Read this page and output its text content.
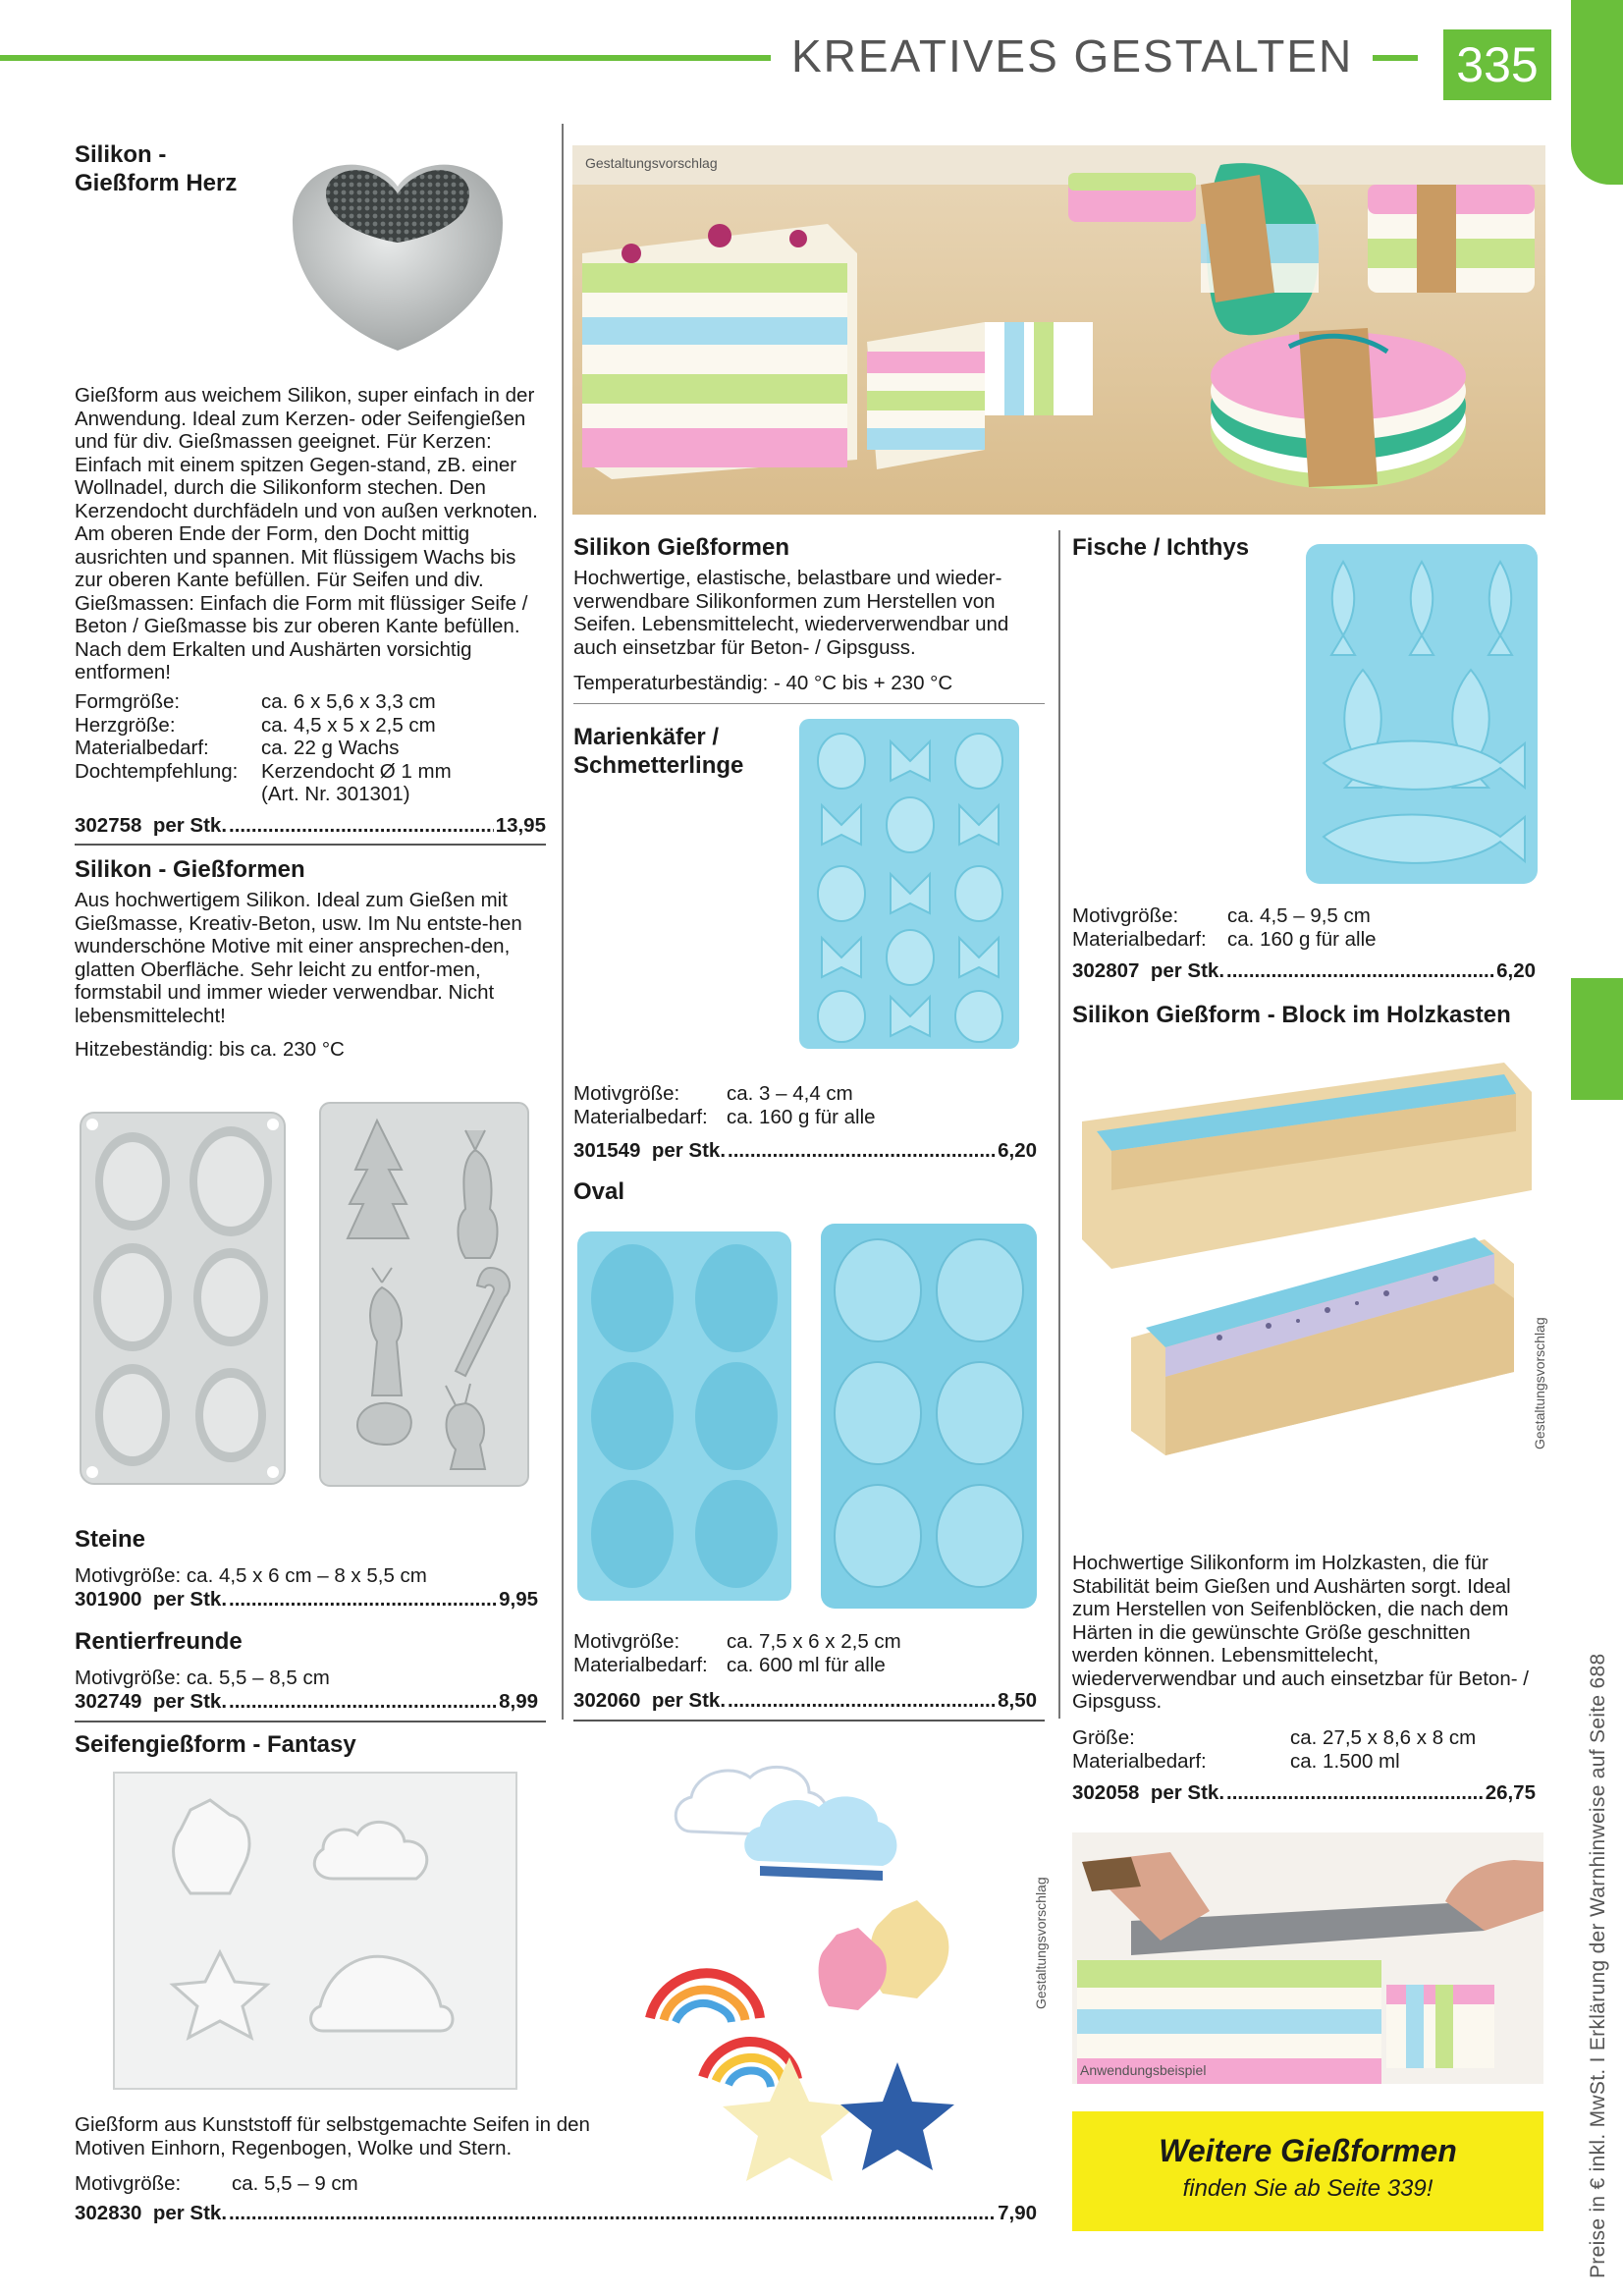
KREATIVES GESTALTEN 335
Preise in € inkl. MwSt. I Erklärung der Warnhinweise auf Seite 688
Silikon -
Gießform Herz
Gießform aus weichem Silikon, super einfach in der Anwendung. Ideal zum Kerzen- oder Seifengießen und für div. Gießmassen geeignet. Für Kerzen: Einfach mit einem spitzen Gegen-stand, zB. einer Wollnadel, durch die Silikonform stechen. Den Kerzendocht durchfädeln und von außen verknoten. Am oberen Ende der Form, den Docht mittig ausrichten und spannen. Mit flüssigem Wachs bis zur oberen Kante befüllen. Für Seifen und div. Gießmassen: Einfach die Form mit flüssiger Seife / Beton / Gießmasse bis zur oberen Kante befüllen. Nach dem Erkalten und Aushärten vorsichtig entformen!
Formgröße:	ca. 6 x 5,6 x 3,3 cm
Herzgröße:	ca. 4,5 x 5 x 2,5 cm
Materialbedarf:	ca. 22 g Wachs
Dochtempfehlung:	Kerzendocht Ø 1 mm
	(Art. Nr. 301301)
302758
per Stk. .....	13,95
Silikon - Gießformen
Aus hochwertigem Silikon. Ideal zum Gießen mit Gießmasse, Kreativ-Beton, usw. Im Nu entste-hen wunderschöne Motive mit einer ansprechen-den, glatten Oberfläche. Sehr leicht zu entfor-men, formstabil und immer wieder verwendbar. Nicht lebensmittelecht!
Hitzebeständig: bis ca. 230 °C
Steine
Motivgröße: ca. 4,5 x 6 cm – 8 x 5,5 cm
301900
per Stk. .....	9,95
Rentierfreunde
Motivgröße: ca. 5,5 – 8,5 cm
302749
per Stk. .....	8,99
Seifengießform - Fantasy
Gießform aus Kunststoff für selbstgemachte Seifen in den Motiven Einhorn, Regenbogen, Wolke und Stern.
Motivgröße:	ca. 5,5 – 9 cm
302830
per Stk. .....	7,90
Gestaltungsvorschlag
Gestaltungsvorschlag
Silikon Gießformen
Hochwertige, elastische, belastbare und wieder-verwendbare Silikonformen zum Herstellen von Seifen. Lebensmittelecht, wiederverwendbar und auch einsetzbar für Beton- / Gipsguss.
Temperaturbeständig: - 40 °C bis + 230 °C
Marienkäfer /
Schmetterlinge
Motivgröße:	ca. 3 – 4,4 cm
Materialbedarf:	ca. 160 g für alle
301549
per Stk. .....	6,20
Oval
Motivgröße:	ca. 7,5 x 6 x 2,5 cm
Materialbedarf:	ca. 600 ml für alle
302060
per Stk. .....	8,50
Fische / Ichthys
Motivgröße:	ca. 4,5 – 9,5 cm
Materialbedarf:	ca. 160 g für alle
302807
per Stk. .....	6,20
Silikon Gießform - Block im Holzkasten
Gestaltungsvorschlag
Hochwertige Silikonform im Holzkasten, die für Stabilität beim Gießen und Aushärten sorgt. Ideal zum Herstellen von Seifenblöcken, die nach dem Härten in die gewünschte Größe geschnitten werden können. Lebensmittelecht, wiederverwendbar und auch einsetzbar für Beton- / Gipsguss.
Größe:	ca. 27,5 x 8,6 x 8 cm
Materialbedarf:	ca. 1.500 ml
302058
per Stk. .....	26,75
Anwendungsbeispiel
Weitere Gießformen
finden Sie ab Seite 339!
